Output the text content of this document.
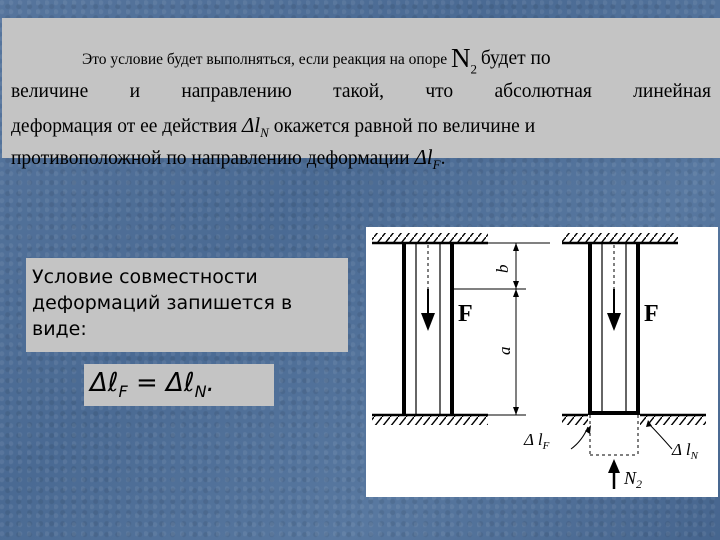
Это условие будет выполняться, если реакция на опоре $N_2$ будет по
величине и направлению такой, что абсолютная линейная
деформация от ее действия $\Delta l_N$ окажется равной по величине и
противоположной по направлению деформации $\Delta l_F$.
Условие совместности деформаций запишется в виде:
Δℓ$_F$ = Δℓ$_N$.
b
a
F	F
Δ $l_F$	Δ $l_N$
$N_2$
